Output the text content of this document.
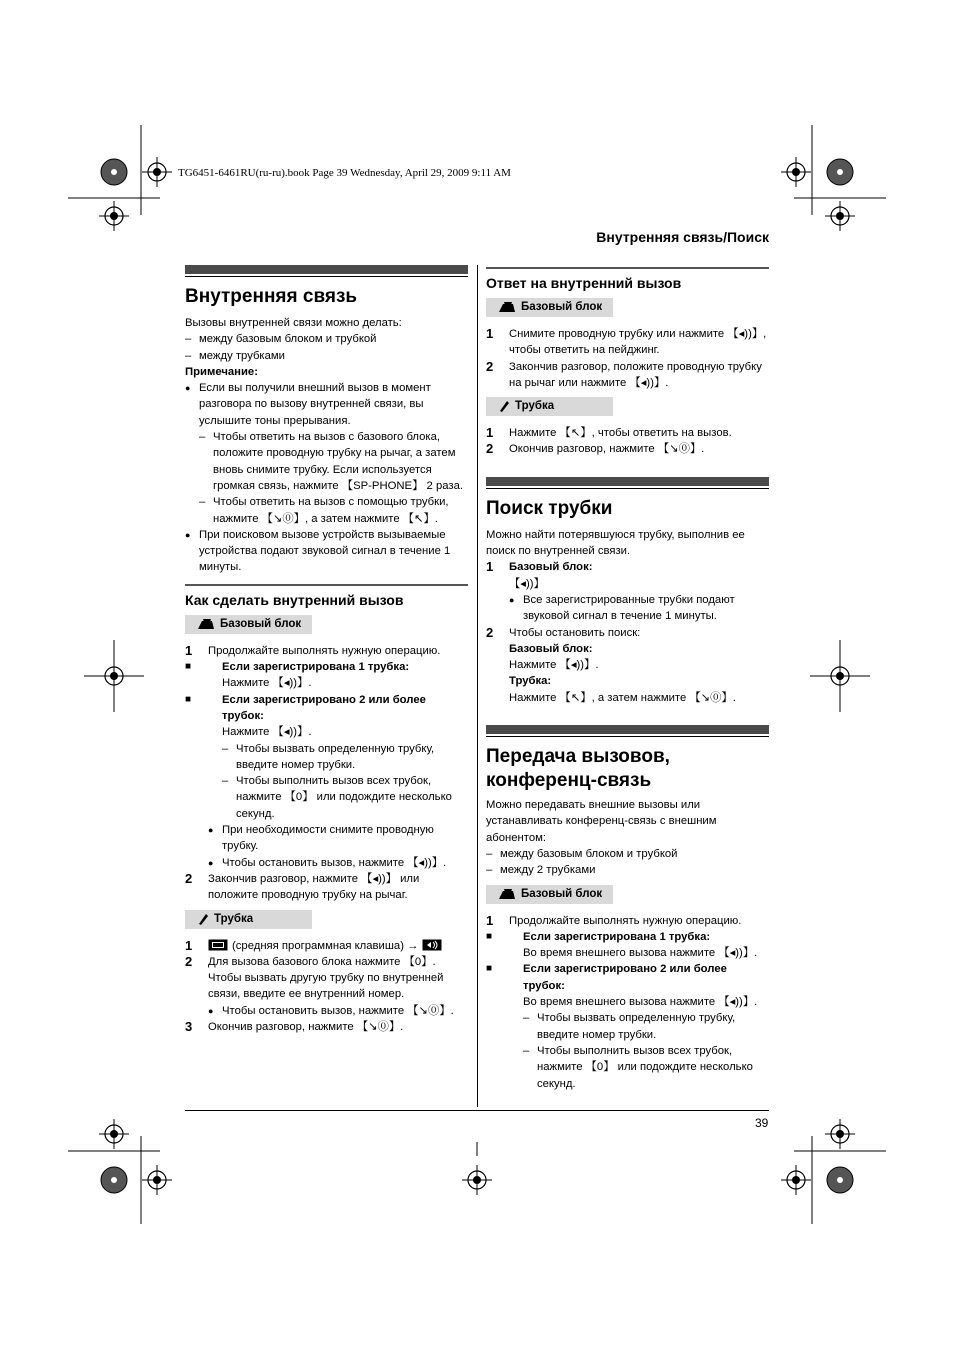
TG6451-6461RU(ru-ru).book Page 39 Wednesday, April 29, 2009 9:11 AM
Внутренняя связь/Поиск
39
Внутренняя связь

Вызовы внутренней связи можно делать:

– между базовым блоком и трубкой

– между трубками

Примечание:

● Если вы получили внешний вызов в момент разговора по вызову внутренней связи, вы услышите тоны прерывания.

– Чтобы ответить на вызов с базового блока, положите проводную трубку на рычаг, а затем вновь снимите трубку. Если используется громкая связь, нажмите 【SP-PHONE】 2 раза.

– Чтобы ответить на вызов с помощью трубки, нажмите 【↘⓪】, а затем нажмите 【↖】.

● При поисковом вызове устройств вызываемые устройства подают звуковой сигнал в течение 1 минуты.

Как сделать внутренний вызов
Базовый блок

1 Продолжайте выполнять нужную операцию.

■ Если зарегистрирована 1 трубка:

Нажмите 【◂))】.

■ Если зарегистрировано 2 или более трубок:

Нажмите 【◂))】.

– Чтобы вызвать определенную трубку, введите номер трубки.

– Чтобы выполнить вызов всех трубок, нажмите 【0】 или подождите несколько секунд.

● При необходимости снимите проводную трубку.

● Чтобы остановить вызов, нажмите 【◂))】.

2 Закончив разговор, нажмите 【◂))】 или положите проводную трубку на рычаг.

Трубка

1	(средняя программная клавиша) →

2 Для вызова базового блока нажмите 【0】.

Чтобы вызвать другую трубку по внутренней связи, введите ее внутренний номер.

● Чтобы остановить вызов, нажмите 【↘⓪】.

3 Окончив разговор, нажмите 【↘⓪】.

Ответ на внутренний вызов
Базовый блок

1 Снимите проводную трубку или нажмите 【◂))】, чтобы ответить на пейджинг.

2 Закончив разговор, положите проводную трубку на рычаг или нажмите 【◂))】.

Трубка

1 Нажмите 【↖】, чтобы ответить на вызов.

2 Окончив разговор, нажмите 【↘⓪】.

Поиск трубки

Можно найти потерявшуюся трубку, выполнив ее поиск по внутренней связи.

1 Базовый блок:

【◂))】

● Все зарегистрированные трубки подают звуковой сигнал в течение 1 минуты.

2 Чтобы остановить поиск:

Базовый блок:

Нажмите 【◂))】.

Трубка:

Нажмите 【↖】, а затем нажмите 【↘⓪】.

Передача вызовов,
конференц-связь

Можно передавать внешние вызовы или устанавливать конференц-связь с внешним абонентом:

– между базовым блоком и трубкой

– между 2 трубками

Базовый блок

1 Продолжайте выполнять нужную операцию.

■ Если зарегистрирована 1 трубка:

Во время внешнего вызова нажмите 【◂))】.

■ Если зарегистрировано 2 или более трубок:

Во время внешнего вызова нажмите 【◂))】.

– Чтобы вызвать определенную трубку, введите номер трубки.

– Чтобы выполнить вызов всех трубок, нажмите 【0】 или подождите несколько секунд.
